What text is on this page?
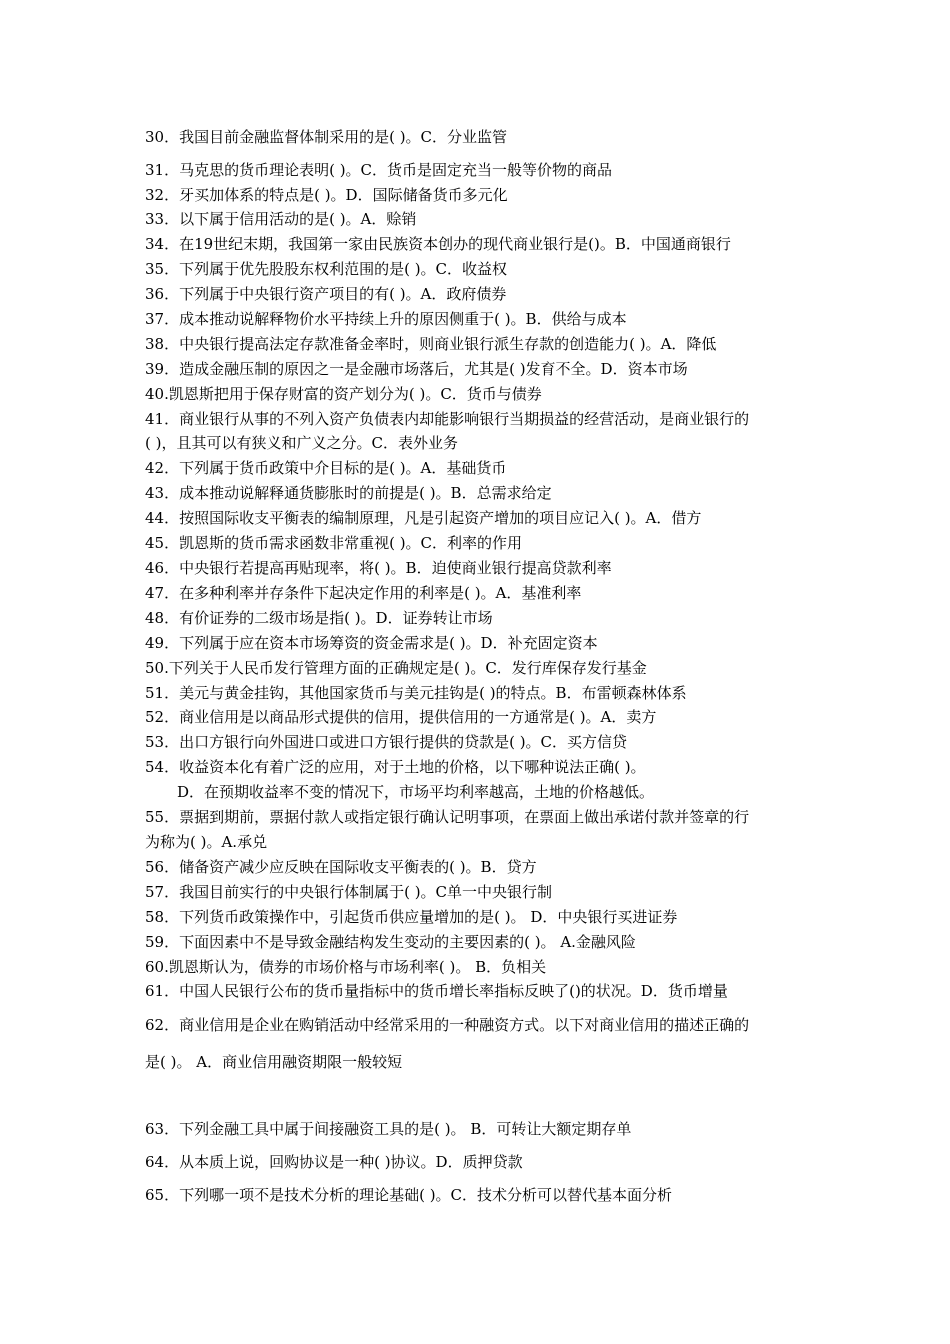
30．我国目前金融监督体制采用的是( )。C．分业监管
31．马克思的货币理论表明( )。C．货币是固定充当一般等价物的商品
32．牙买加体系的特点是( )。D．国际储备货币多元化
33．以下属于信用活动的是( )。A．赊销
34．在19世纪末期，我国第一家由民族资本创办的现代商业银行是()。B．中国通商银行
35．下列属于优先股股东权利范围的是( )。C．收益权
36．下列属于中央银行资产项目的有( )。A．政府债券
37．成本推动说解释物价水平持续上升的原因侧重于( )。B．供给与成本
38．中央银行提高法定存款准备金率时，则商业银行派生存款的创造能力( )。A．降低
39．造成金融压制的原因之一是金融市场落后，尤其是( )发育不全。D．资本市场
40.凯恩斯把用于保存财富的资产划分为( )。C．货币与债券
41．商业银行从事的不列入资产负债表内却能影响银行当期损益的经营活动，是商业银行的
( )，且其可以有狭义和广义之分。C．表外业务
42．下列属于货币政策中介目标的是( )。A．基础货币
43．成本推动说解释通货膨胀时的前提是( )。B．总需求给定
44．按照国际收支平衡表的编制原理，凡是引起资产增加的项目应记入( )。A．借方
45．凯恩斯的货币需求函数非常重视( )。C．利率的作用
46．中央银行若提高再贴现率，将( )。B．迫使商业银行提高贷款利率
47．在多种利率并存条件下起决定作用的利率是( )。A．基准利率
48．有价证券的二级市场是指( )。D．证券转让市场
49．下列属于应在资本市场筹资的资金需求是( )。D．补充固定资本
50.下列关于人民币发行管理方面的正确规定是( )。C．发行库保存发行基金
51．美元与黄金挂钩，其他国家货币与美元挂钩是( )的特点。B．布雷顿森林体系
52．商业信用是以商品形式提供的信用，提供信用的一方通常是( )。A．卖方
53．出口方银行向外国进口或进口方银行提供的贷款是( )。C．买方信贷
54．收益资本化有着广泛的应用，对于土地的价格，以下哪种说法正确( )。
D．在预期收益率不变的情况下，市场平均利率越高，土地的价格越低。
55．票据到期前，票据付款人或指定银行确认记明事项，在票面上做出承诺付款并签章的行
为称为( )。A.承兑
56．储备资产减少应反映在国际收支平衡表的( )。B．贷方
57．我国目前实行的中央银行体制属于( )。C单一中央银行制
58．下列货币政策操作中，引起货币供应量增加的是( )。 D．中央银行买进证券
59．下面因素中不是导致金融结构发生变动的主要因素的( )。 A.金融风险
60.凯恩斯认为，债券的市场价格与市场利率( )。 B．负相关
61．中国人民银行公布的货币量指标中的货币增长率指标反映了()的状况。D．货币增量
62．商业信用是企业在购销活动中经常采用的一种融资方式。以下对商业信用的描述正确的
是( )。 A．商业信用融资期限一般较短
63．下列金融工具中属于间接融资工具的是( )。 B．可转让大额定期存单
64．从本质上说，回购协议是一种( )协议。D．质押贷款
65．下列哪一项不是技术分析的理论基础( )。C．技术分析可以替代基本面分析
